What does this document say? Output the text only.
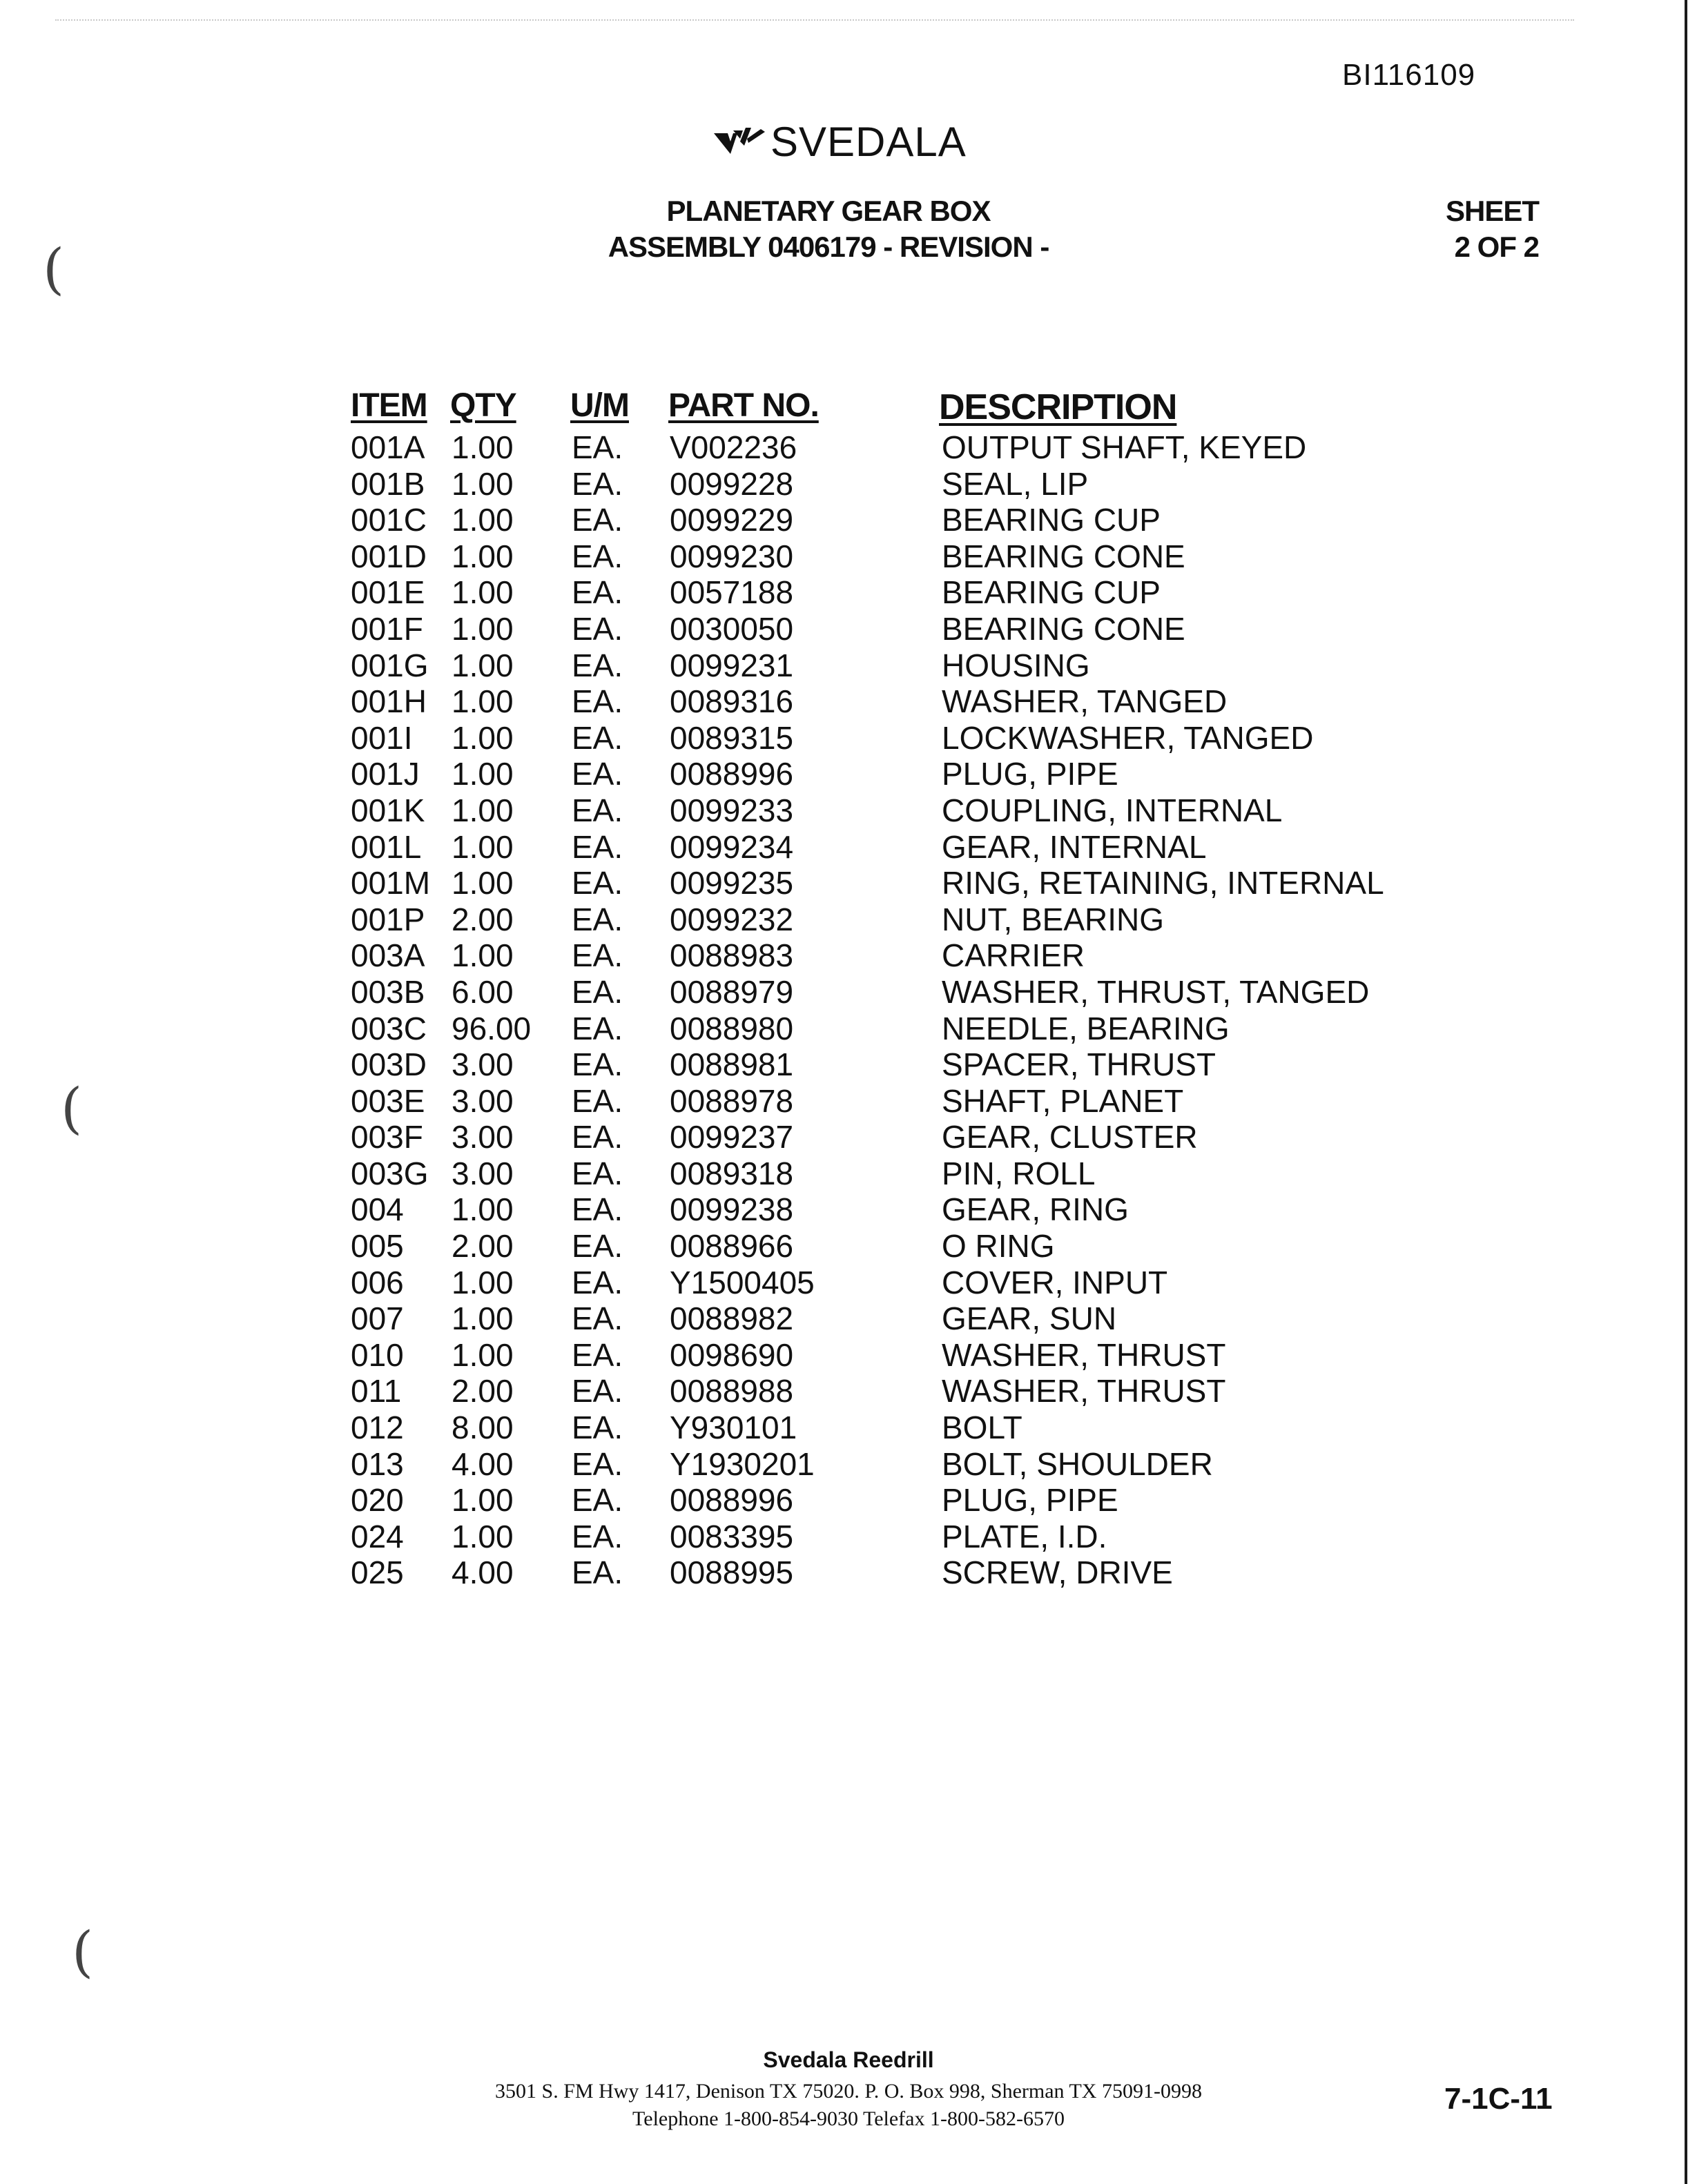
(
(
(
BI116109
SVEDALA
PLANETARY GEAR BOX
ASSEMBLY 0406179 - REVISION -
SHEET
2 OF 2
ITEM QTY U/M PART NO.	DESCRIPTION
001A 1.00 EA. V002236	OUTPUT SHAFT, KEYED
001B 1.00 EA. 0099228	SEAL, LIP
001C 1.00 EA. 0099229	BEARING CUP
001D 1.00 EA. 0099230	BEARING CONE
001E 1.00 EA. 0057188	BEARING CUP
001F 1.00 EA. 0030050	BEARING CONE
001G 1.00 EA. 0099231	HOUSING
001H 1.00 EA. 0089316	WASHER, TANGED
001I 1.00 EA. 0089315	LOCKWASHER, TANGED
001J 1.00 EA. 0088996	PLUG, PIPE
001K 1.00 EA. 0099233	COUPLING, INTERNAL
001L 1.00 EA. 0099234	GEAR, INTERNAL
001M 1.00 EA. 0099235	RING, RETAINING, INTERNAL
001P 2.00 EA. 0099232	NUT, BEARING
003A 1.00 EA. 0088983	CARRIER
003B 6.00 EA. 0088979	WASHER, THRUST, TANGED
003C 96.00 EA. 0088980	NEEDLE, BEARING
003D 3.00 EA. 0088981	SPACER, THRUST
003E 3.00 EA. 0088978	SHAFT, PLANET
003F 3.00 EA. 0099237	GEAR, CLUSTER
003G 3.00 EA. 0089318	PIN, ROLL
004 1.00 EA. 0099238	GEAR, RING
005 2.00 EA. 0088966	O RING
006 1.00 EA. Y1500405	COVER, INPUT
007 1.00 EA. 0088982	GEAR, SUN
010 1.00 EA. 0098690	WASHER, THRUST
011 2.00 EA. 0088988	WASHER, THRUST
012 8.00 EA. Y930101	BOLT
013 4.00 EA. Y1930201	BOLT, SHOULDER
020 1.00 EA. 0088996	PLUG, PIPE
024 1.00 EA. 0083395	PLATE, I.D.
025 4.00 EA. 0088995	SCREW, DRIVE
Svedala Reedrill
3501 S. FM Hwy 1417, Denison TX 75020. P. O. Box 998, Sherman TX 75091-0998
Telephone 1-800-854-9030 Telefax 1-800-582-6570
7-1C-11
